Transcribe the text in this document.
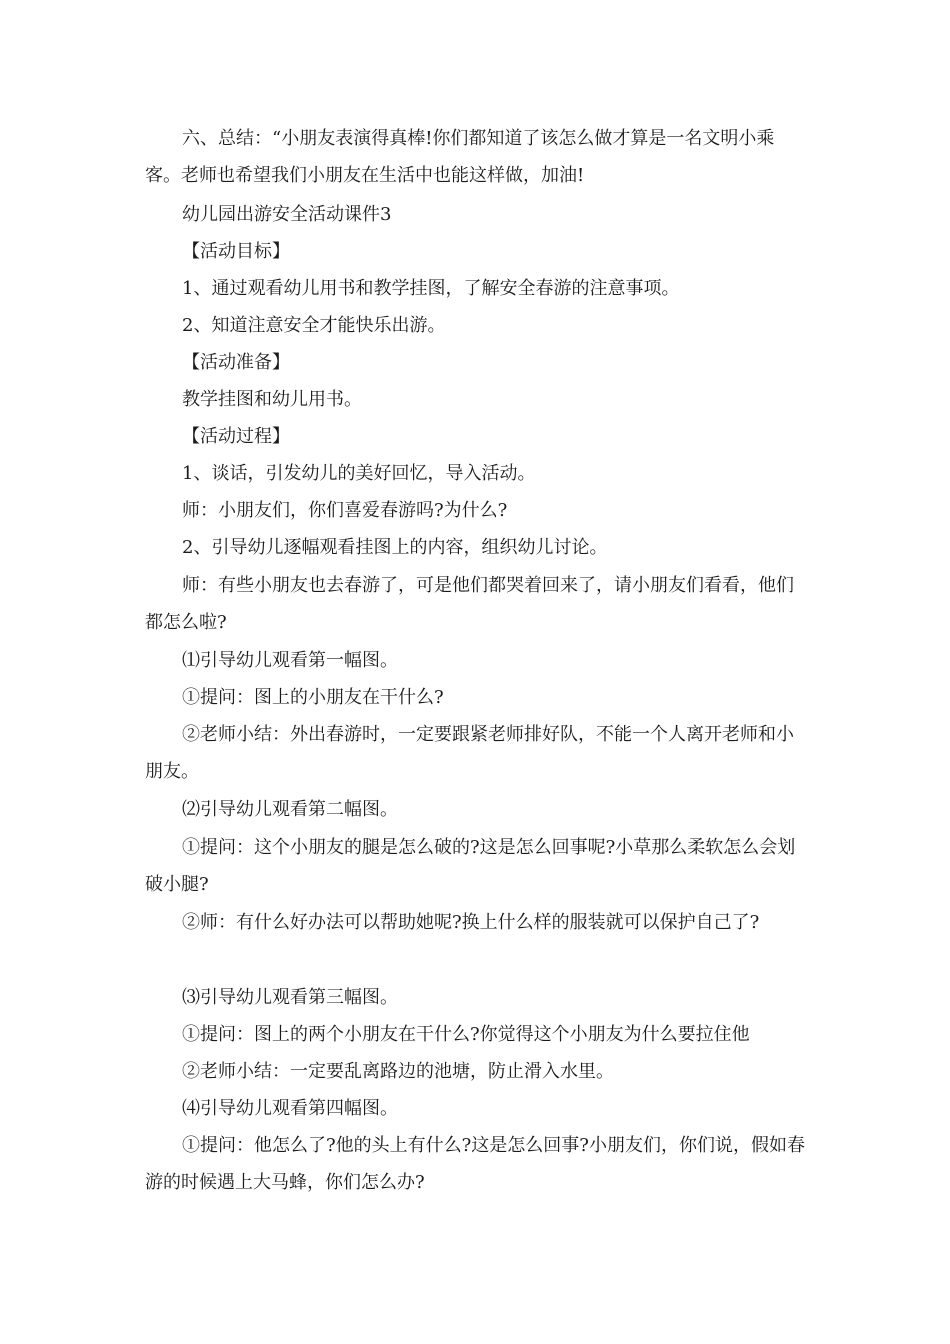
六、总结：“小朋友表演得真棒!你们都知道了该怎么做才算是一名文明小乘客。老师也希望我们小朋友在生活中也能这样做，加油!

幼儿园出游安全活动课件3

【活动目标】

1、通过观看幼儿用书和教学挂图，了解安全春游的注意事项。

2、知道注意安全才能快乐出游。

【活动准备】

教学挂图和幼儿用书。

【活动过程】

1、谈话，引发幼儿的美好回忆，导入活动。

师：小朋友们，你们喜爱春游吗?为什么?

2、引导幼儿逐幅观看挂图上的内容，组织幼儿讨论。

师：有些小朋友也去春游了，可是他们都哭着回来了，请小朋友们看看，他们都怎么啦?

⑴引导幼儿观看第一幅图。

①提问：图上的小朋友在干什么?

②老师小结：外出春游时，一定要跟紧老师排好队，不能一个人离开老师和小朋友。

⑵引导幼儿观看第二幅图。

①提问：这个小朋友的腿是怎么破的?这是怎么回事呢?小草那么柔软怎么会划破小腿?

②师：有什么好办法可以帮助她呢?换上什么样的服装就可以保护自己了?

⑶引导幼儿观看第三幅图。

①提问：图上的两个小朋友在干什么?你觉得这个小朋友为什么要拉住他

②老师小结：一定要乱离路边的池塘，防止滑入水里。

⑷引导幼儿观看第四幅图。

①提问：他怎么了?他的头上有什么?这是怎么回事?小朋友们，你们说，假如春游的时候遇上大马蜂，你们怎么办?
